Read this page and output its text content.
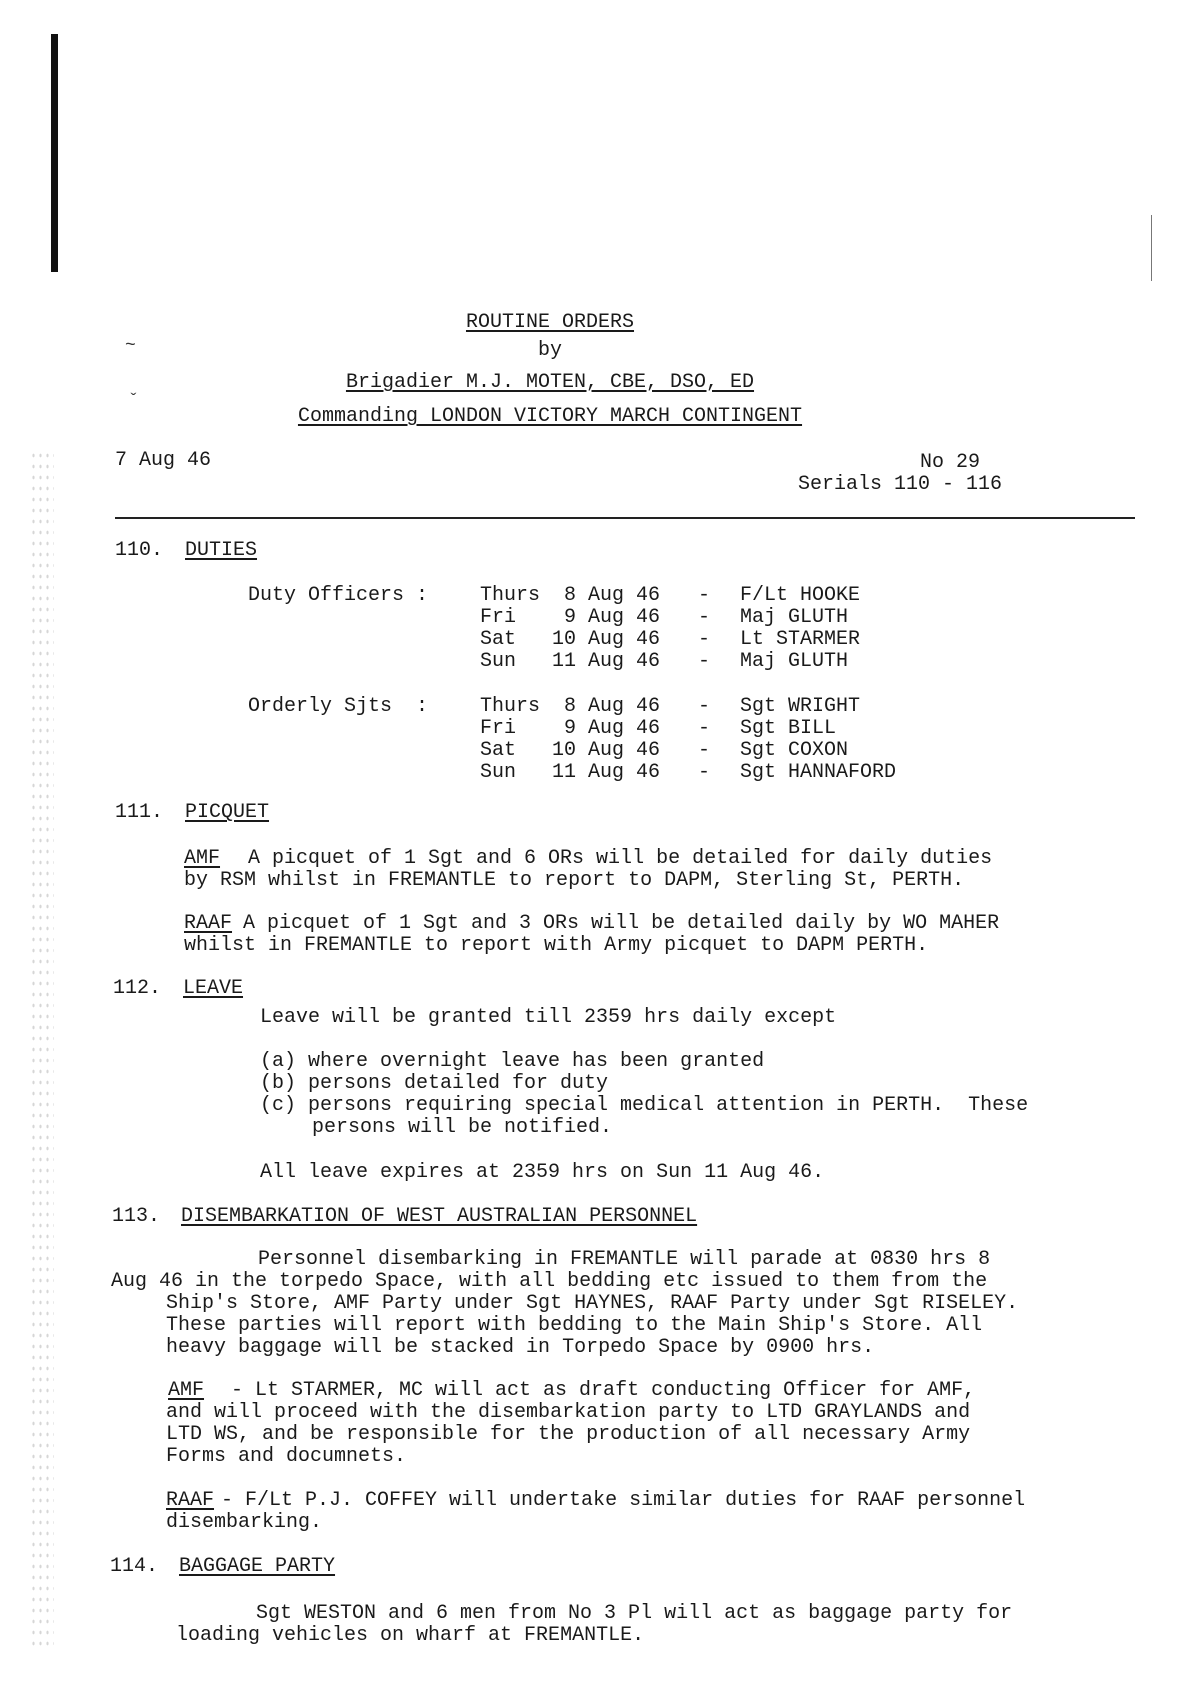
~
ˇ
ROUTINE ORDERS
by
Brigadier M.J. MOTEN, CBE, DSO, ED
Commanding LONDON VICTORY MARCH CONTINGENT
7 Aug 46	No 29
Serials 110 - 116
110. DUTIES
Duty Officers :	Thurs 8 Aug 46 - F/Lt HOOKE
Fri 9 Aug 46 - Maj GLUTH
Sat 10 Aug 46 - Lt STARMER
Sun 11 Aug 46 - Maj GLUTH
Orderly Sjts  :	Thurs 8 Aug 46 - Sgt WRIGHT
Fri 9 Aug 46 - Sgt BILL
Sat 10 Aug 46 - Sgt COXON
Sun 11 Aug 46 - Sgt HANNAFORD
111. PICQUET
AMF A picquet of 1 Sgt and 6 ORs will be detailed for daily duties
by RSM whilst in FREMANTLE to report to DAPM, Sterling St, PERTH.
RAAF A picquet of 1 Sgt and 3 ORs will be detailed daily by WO MAHER
whilst in FREMANTLE to report with Army picquet to DAPM PERTH.
112. LEAVE
Leave will be granted till 2359 hrs daily except
(a) where overnight leave has been granted
(b) persons detailed for duty
(c) persons requiring special medical attention in PERTH.  These
persons will be notified.
All leave expires at 2359 hrs on Sun 11 Aug 46.
113. DISEMBARKATION OF WEST AUSTRALIAN PERSONNEL
Personnel disembarking in FREMANTLE will parade at 0830 hrs 8
Aug 46 in the torpedo Space, with all bedding etc issued to them from the
Ship's Store, AMF Party under Sgt HAYNES, RAAF Party under Sgt RISELEY.
These parties will report with bedding to the Main Ship's Store. All
heavy baggage will be stacked in Torpedo Space by 0900 hrs.
AMF - Lt STARMER, MC will act as draft conducting Officer for AMF,
and will proceed with the disembarkation party to LTD GRAYLANDS and
LTD WS, and be responsible for the production of all necessary Army
Forms and documnets.
RAAF - F/Lt P.J. COFFEY will undertake similar duties for RAAF personnel
disembarking.
114. BAGGAGE PARTY
Sgt WESTON and 6 men from No 3 Pl will act as baggage party for
loading vehicles on wharf at FREMANTLE.
